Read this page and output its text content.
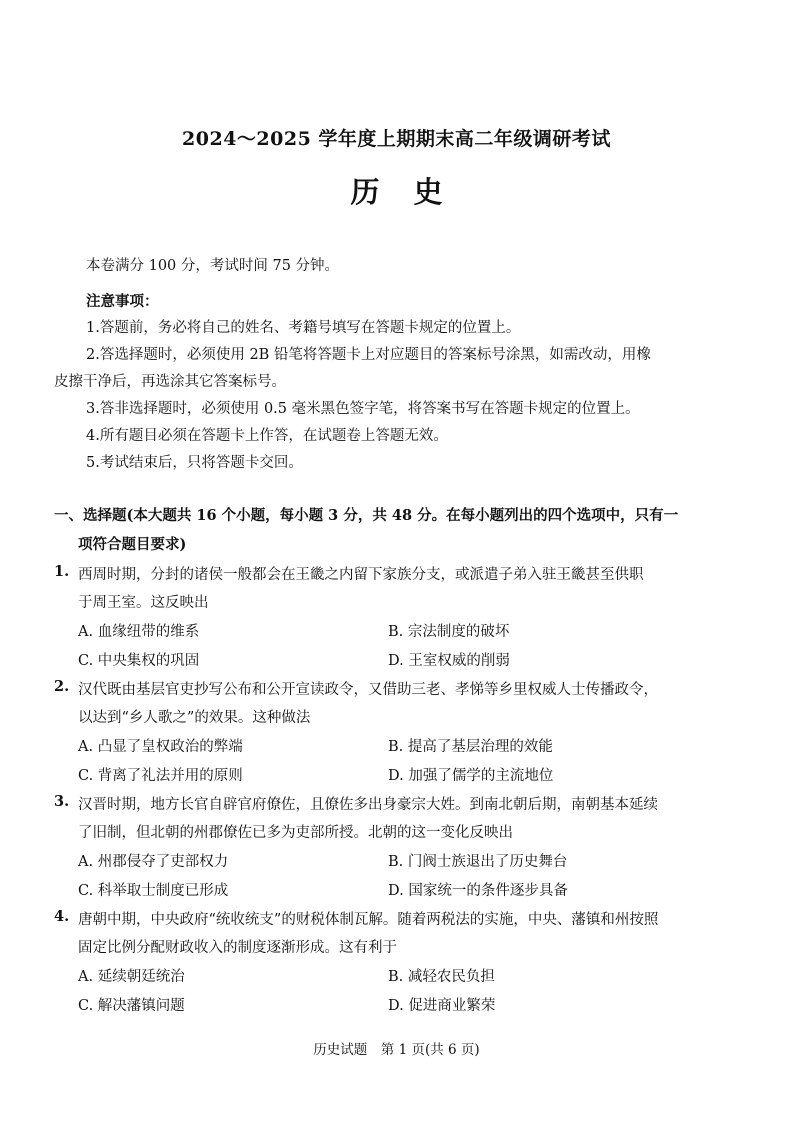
2024～2025 学年度上期期末高二年级调研考试
历史
本卷满分 100 分，考试时间 75 分钟。
注意事项：
1.答题前，务必将自己的姓名、考籍号填写在答题卡规定的位置上。
2.答选择题时，必须使用 2B 铅笔将答题卡上对应题目的答案标号涂黑，如需改动，用橡
皮擦干净后，再选涂其它答案标号。
3.答非选择题时，必须使用 0.5 毫米黑色签字笔，将答案书写在答题卡规定的位置上。
4.所有题目必须在答题卡上作答，在试题卷上答题无效。
5.考试结束后，只将答题卡交回。
一、选择题(本大题共 16 个小题，每小题 3 分，共 48 分。在每小题列出的四个选项中，只有一
项符合题目要求)
1. 西周时期，分封的诸侯一般都会在王畿之内留下家族分支，或派遣子弟入驻王畿甚至供职
于周王室。这反映出
A. 血缘纽带的维系	B. 宗法制度的破坏
C. 中央集权的巩固	D. 王室权威的削弱
2. 汉代既由基层官吏抄写公布和公开宣读政令，又借助三老、孝悌等乡里权威人士传播政令，
以达到“乡人歌之”的效果。这种做法
A. 凸显了皇权政治的弊端	B. 提高了基层治理的效能
C. 背离了礼法并用的原则	D. 加强了儒学的主流地位
3. 汉晋时期，地方长官自辟官府僚佐，且僚佐多出身豪宗大姓。到南北朝后期，南朝基本延续
了旧制，但北朝的州郡僚佐已多为吏部所授。北朝的这一变化反映出
A. 州郡侵夺了吏部权力	B. 门阀士族退出了历史舞台
C. 科举取士制度已形成	D. 国家统一的条件逐步具备
4. 唐朝中期，中央政府“统收统支”的财税体制瓦解。随着两税法的实施，中央、藩镇和州按照
固定比例分配财政收入的制度逐渐形成。这有利于
A. 延续朝廷统治	B. 减轻农民负担
C. 解决藩镇问题	D. 促进商业繁荣
历史试题　第 1 页(共 6 页)
